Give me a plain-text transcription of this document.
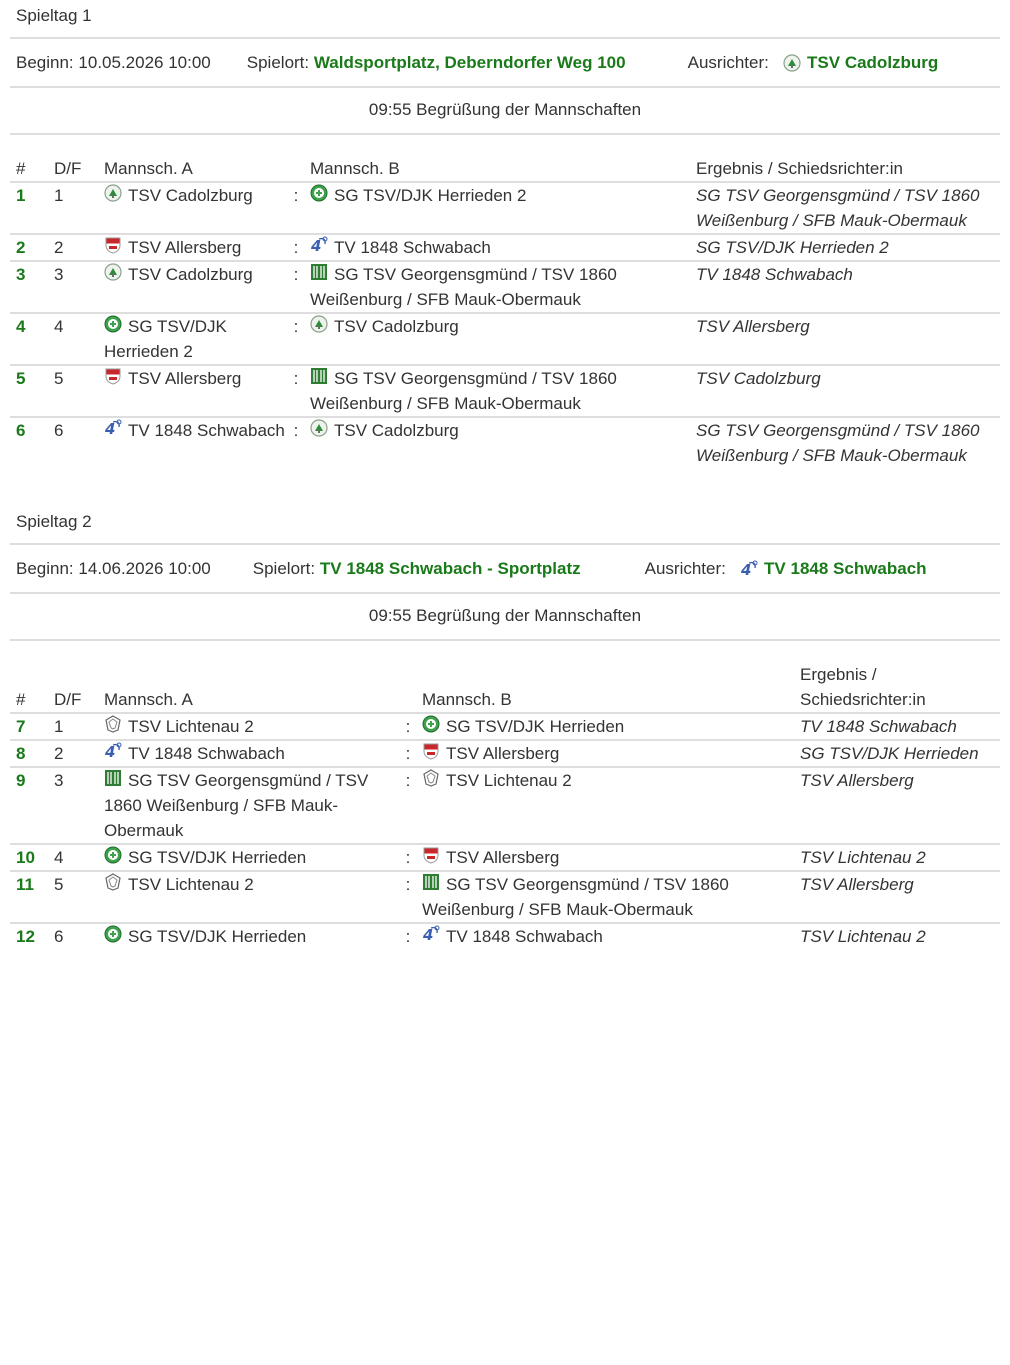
Spieltag 1
Beginn:
10.05.2026 10:00 Spielort:
Waldsportplatz, Deberndorfer Weg 100	Ausrichter:
TSV Cadolzburg
09:55 Begrüßung der Mannschaften
#	D/F	Mannsch. A		Mannsch. B	Ergebnis / Schiedsrichter:in
1	1	TSV Cadolzburg	:	SG TSV/DJK Herrieden 2	SG TSV Georgensgmünd / TSV 1860 Weißenburg / SFB Mauk-Obermauk
2	2	TSV Allersberg	:	4 TV 1848 Schwabach	SG TSV/DJK Herrieden 2
3	3	TSV Cadolzburg	:	SG TSV Georgensgmünd / TSV 1860 Weißenburg / SFB Mauk-Obermauk	TV 1848 Schwabach
4	4	SG TSV/DJK Herrieden 2	:	TSV Cadolzburg	TSV Allersberg
5	5	TSV Allersberg	:	SG TSV Georgensgmünd / TSV 1860 Weißenburg / SFB Mauk-Obermauk	TSV Cadolzburg
6	6	4 TV 1848 Schwabach	:	TSV Cadolzburg	SG TSV Georgensgmünd / TSV 1860 Weißenburg / SFB Mauk-Obermauk
Spieltag 2
Beginn:
14.06.2026 10:00 Spielort:
TV 1848 Schwabach - Sportplatz	Ausrichter:
4 TV 1848 Schwabach
09:55 Begrüßung der Mannschaften
#	D/F	Mannsch. A		Mannsch. B	Ergebnis / Schiedsrichter:in
7	1	TSV Lichtenau 2	:	SG TSV/DJK Herrieden	TV 1848 Schwabach
8	2	4 TV 1848 Schwabach	:	TSV Allersberg	SG TSV/DJK Herrieden
9	3	SG TSV Georgensgmünd / TSV 1860 Weißenburg / SFB Mauk-Obermauk	:	TSV Lichtenau 2	TSV Allersberg
10	4	SG TSV/DJK Herrieden	:	TSV Allersberg	TSV Lichtenau 2
11	5	TSV Lichtenau 2	:	SG TSV Georgensgmünd / TSV 1860 Weißenburg / SFB Mauk-Obermauk	TSV Allersberg
12	6	SG TSV/DJK Herrieden	:	4 TV 1848 Schwabach	TSV Lichtenau 2
